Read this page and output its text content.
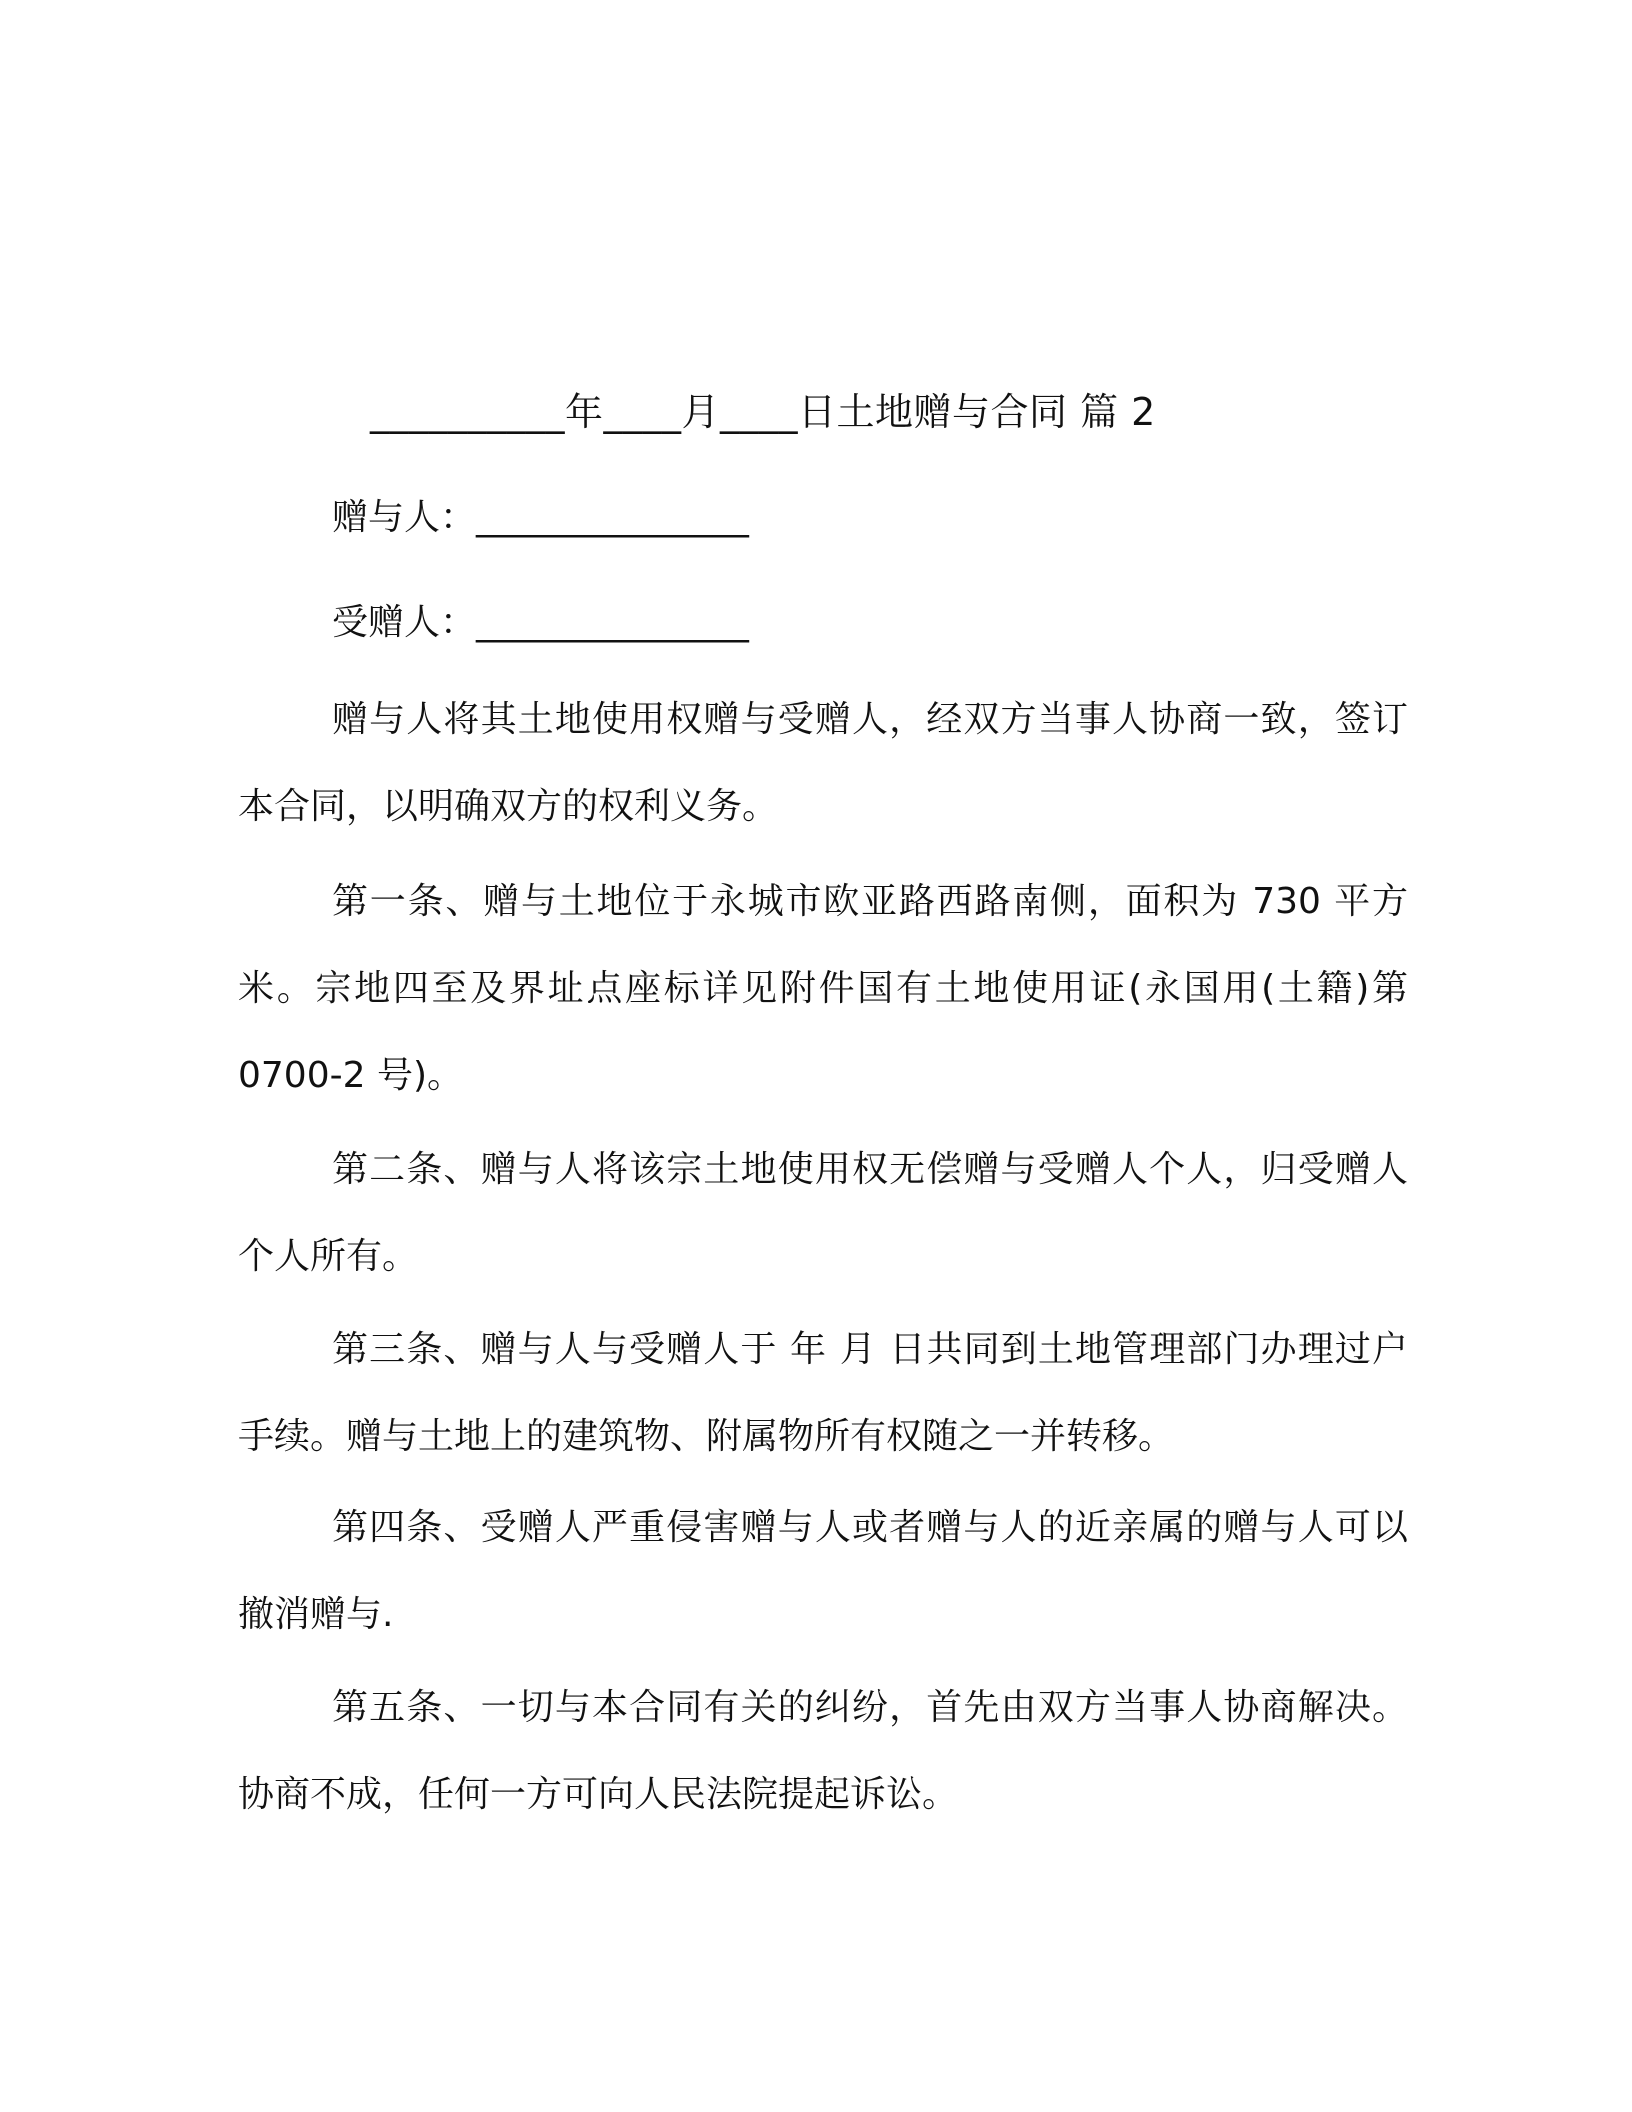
__________年____月____日土地赠与合同 篇 2
赠与人：_______________
受赠人：_______________

赠与人将其土地使用权赠与受赠人，经双方当事人协商一致，签订本合同，以明确双方的权利义务。

第一条、赠与土地位于永城市欧亚路西路南侧，面积为 730 平方米。宗地四至及界址点座标详见附件国有土地使用证(永国用(土籍)第 0700-2 号)。

第二条、赠与人将该宗土地使用权无偿赠与受赠人个人，归受赠人个人所有。

第三条、赠与人与受赠人于 年 月 日共同到土地管理部门办理过户手续。赠与土地上的建筑物、附属物所有权随之一并转移。

第四条、受赠人严重侵害赠与人或者赠与人的近亲属的赠与人可以撤消赠与.

第五条、一切与本合同有关的纠纷，首先由双方当事人协商解决。协商不成，任何一方可向人民法院提起诉讼。
